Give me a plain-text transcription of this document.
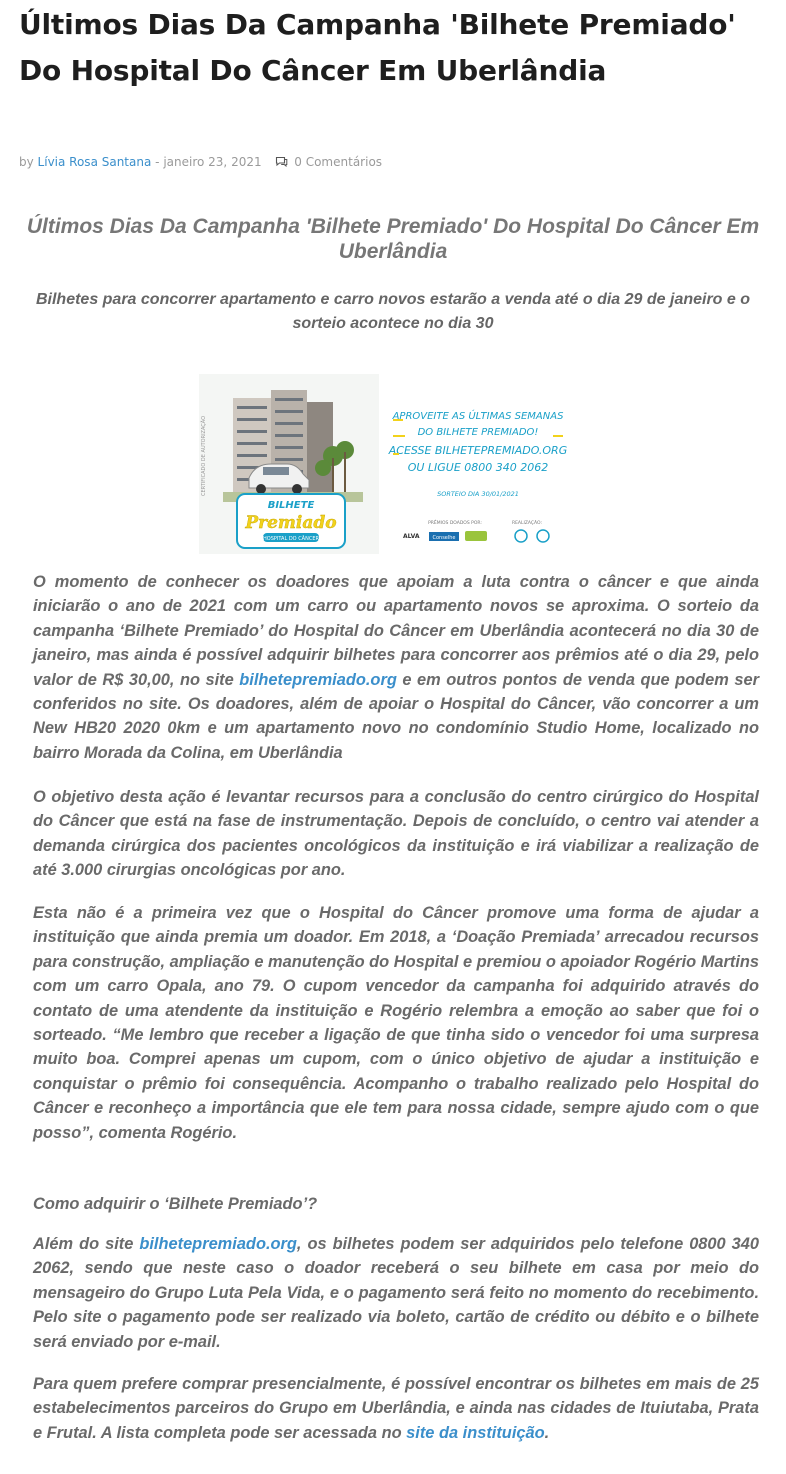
Últimos Dias Da Campanha 'Bilhete Premiado' Do Hospital Do Câncer Em Uberlândia
by Lívia Rosa Santana - janeiro 23, 2021	0 Comentários
Últimos Dias Da Campanha 'Bilhete Premiado' Do Hospital Do Câncer Em Uberlândia

Bilhetes para concorrer apartamento e carro novos estarão a venda até o dia 29 de janeiro e o sorteio acontece no dia 30

CERTIFICADO DE AUTORIZAÇÃO
BILHETE
Premiado
HOSPITAL DO CÂNCER
APROVEITE AS ÚLTIMAS SEMANAS
DO BILHETE PREMIADO!
ACESSE BILHETEPREMIADO.ORG
OU LIGUE 0800 340 2062
SORTEIO DIA 30/01/2021
PRÊMIOS DOADOS POR:	REALIZAÇÃO:
ALVA	Conselhe

O momento de conhecer os doadores que apoiam a luta contra o câncer e que ainda iniciarão o ano de 2021 com um carro ou apartamento novos se aproxima. O sorteio da campanha ‘Bilhete Premiado’ do Hospital do Câncer em Uberlândia acontecerá no dia 30 de janeiro, mas ainda é possível adquirir bilhetes para concorrer aos prêmios até o dia 29, pelo valor de R$ 30,00, no site bilhetepremiado.org e em outros pontos de venda que podem ser conferidos no site. Os doadores, além de apoiar o Hospital do Câncer, vão concorrer a um New HB20 2020 0km e um apartamento novo no condomínio Studio Home, localizado no bairro Morada da Colina, em Uberlândia

O objetivo desta ação é levantar recursos para a conclusão do centro cirúrgico do Hospital do Câncer que está na fase de instrumentação. Depois de concluído, o centro vai atender a demanda cirúrgica dos pacientes oncológicos da instituição e irá viabilizar a realização de até 3.000 cirurgias oncológicas por ano.

Esta não é a primeira vez que o Hospital do Câncer promove uma forma de ajudar a instituição que ainda premia um doador. Em 2018, a ‘Doação Premiada’ arrecadou recursos para construção, ampliação e manutenção do Hospital e premiou o apoiador Rogério Martins com um carro Opala, ano 79. O cupom vencedor da campanha foi adquirido através do contato de uma atendente da instituição e Rogério relembra a emoção ao saber que foi o sorteado. “Me lembro que receber a ligação de que tinha sido o vencedor foi uma surpresa muito boa. Comprei apenas um cupom, com o único objetivo de ajudar a instituição e conquistar o prêmio foi consequência. Acompanho o trabalho realizado pelo Hospital do Câncer e reconheço a importância que ele tem para nossa cidade, sempre ajudo com o que posso”, comenta Rogério.

Como adquirir o ‘Bilhete Premiado’?

Além do site bilhetepremiado.org, os bilhetes podem ser adquiridos pelo telefone 0800 340 2062, sendo que neste caso o doador receberá o seu bilhete em casa por meio do mensageiro do Grupo Luta Pela Vida, e o pagamento será feito no momento do recebimento. Pelo site o pagamento pode ser realizado via boleto, cartão de crédito ou débito e o bilhete será enviado por e-mail.

Para quem prefere comprar presencialmente, é possível encontrar os bilhetes em mais de 25 estabelecimentos parceiros do Grupo em Uberlândia, e ainda nas cidades de Ituiutaba, Prata e Frutal. A lista completa pode ser acessada no site da instituição.
